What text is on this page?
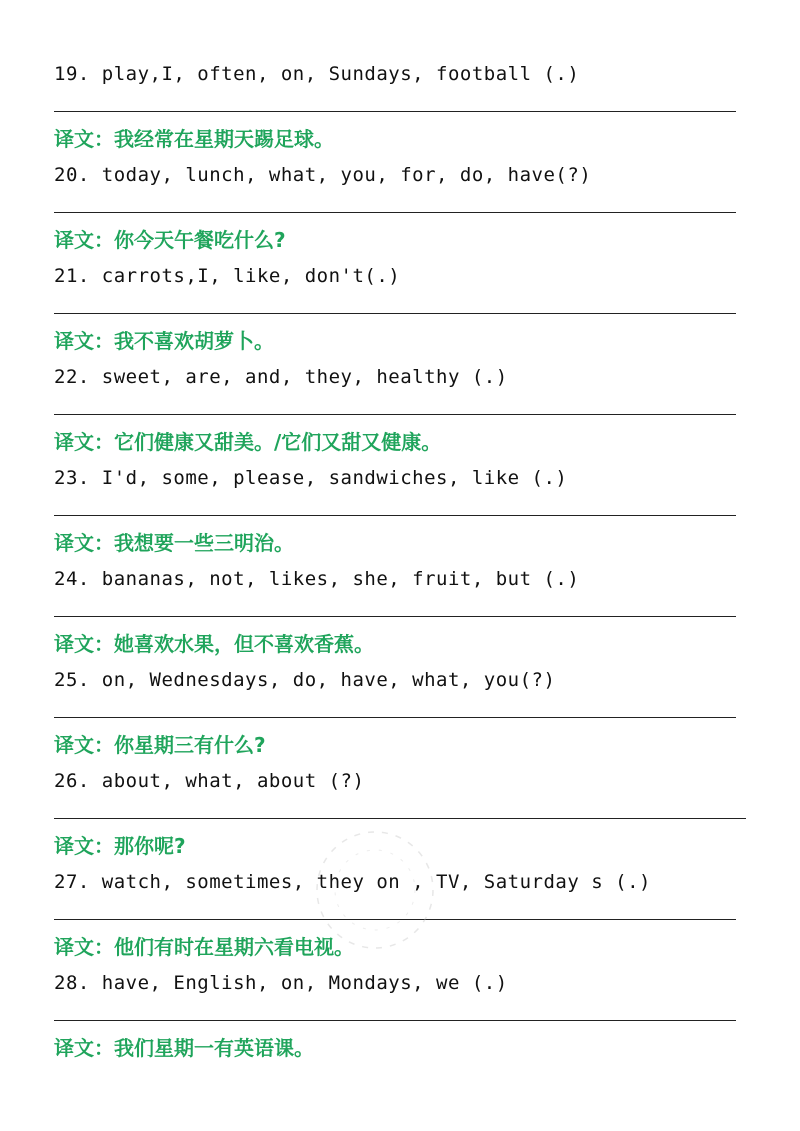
19. play,I, often, on, Sundays, football (.)
译文：我经常在星期天踢足球。
20. today, lunch, what, you, for, do, have(?)
译文：你今天午餐吃什么?
21. carrots,I, like, don't(.)
译文：我不喜欢胡萝卜。
22. sweet, are, and, they, healthy (.)
译文：它们健康又甜美。/它们又甜又健康。
23. I'd, some, please, sandwiches, like (.)
译文：我想要一些三明治。
24. bananas, not, likes, she, fruit, but (.)
译文：她喜欢水果，但不喜欢香蕉。
25. on, Wednesdays, do, have, what, you(?)
译文：你星期三有什么?
26. about, what, about (?)
译文：那你呢?
27. watch, sometimes, they on , TV, Saturday s (.)
译文：他们有时在星期六看电视。
28. have, English, on, Mondays, we (.)
译文：我们星期一有英语课。
